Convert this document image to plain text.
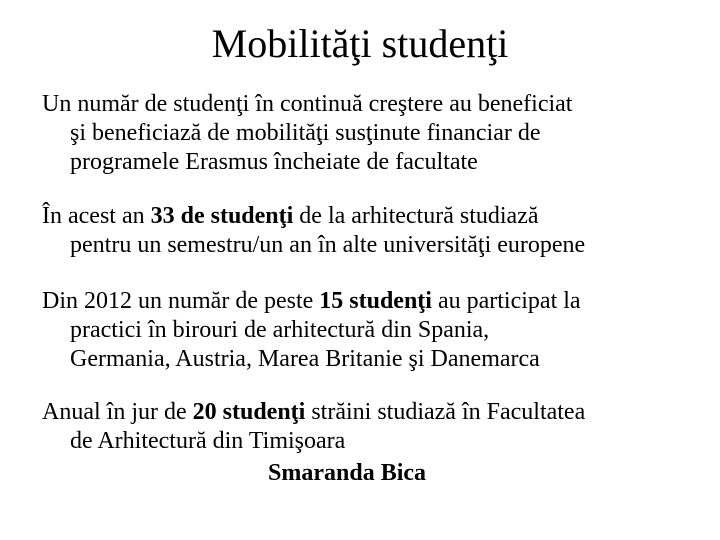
Mobilităţi studenţi
Un număr de studenţi în continuă creştere au beneficiat
şi beneficiază de mobilităţi susţinute financiar de
programele Erasmus încheiate de facultate
În acest an 33 de studenţi de la arhitectură studiază
pentru un semestru/un an în alte universităţi europene
Din 2012 un număr de peste 15 studenţi au participat la
practici în birouri de arhitectură din Spania,
Germania, Austria, Marea Britanie şi Danemarca
Anual în jur de 20 studenţi străini studiază în Facultatea
de Arhitectură din Timişoara
Smaranda Bica
